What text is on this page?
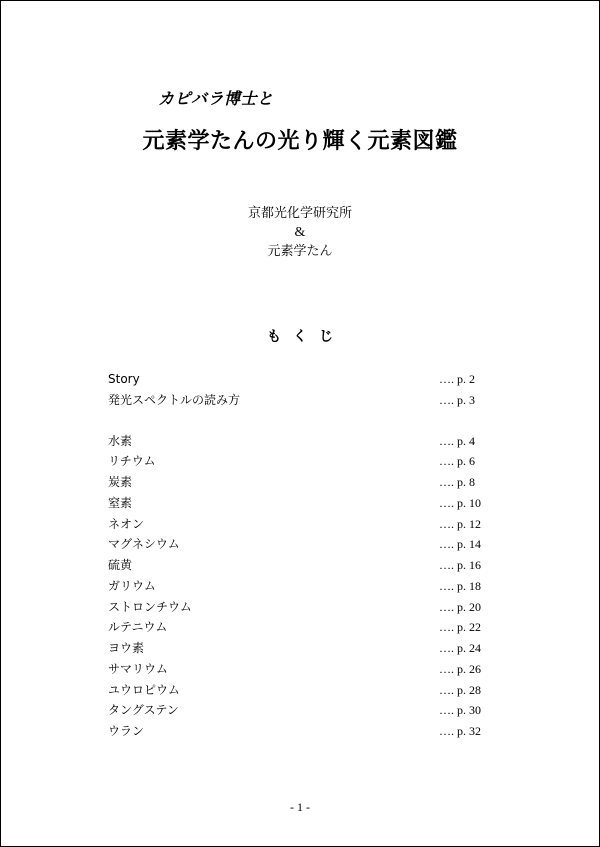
カピバラ博士と
元素学たんの光り輝く元素図鑑
京都光化学研究所
&
元素学たん
もくじ
Story	…. p. 2
発光スペクトルの読み方	…. p. 3
水素	…. p. 4
リチウム	…. p. 6
炭素	…. p. 8
窒素	…. p. 10
ネオン	…. p. 12
マグネシウム	…. p. 14
硫黄	…. p. 16
ガリウム	…. p. 18
ストロンチウム	…. p. 20
ルテニウム	…. p. 22
ヨウ素	…. p. 24
サマリウム	…. p. 26
ユウロピウム	…. p. 28
タングステン	…. p. 30
ウラン	…. p. 32
- 1 -
